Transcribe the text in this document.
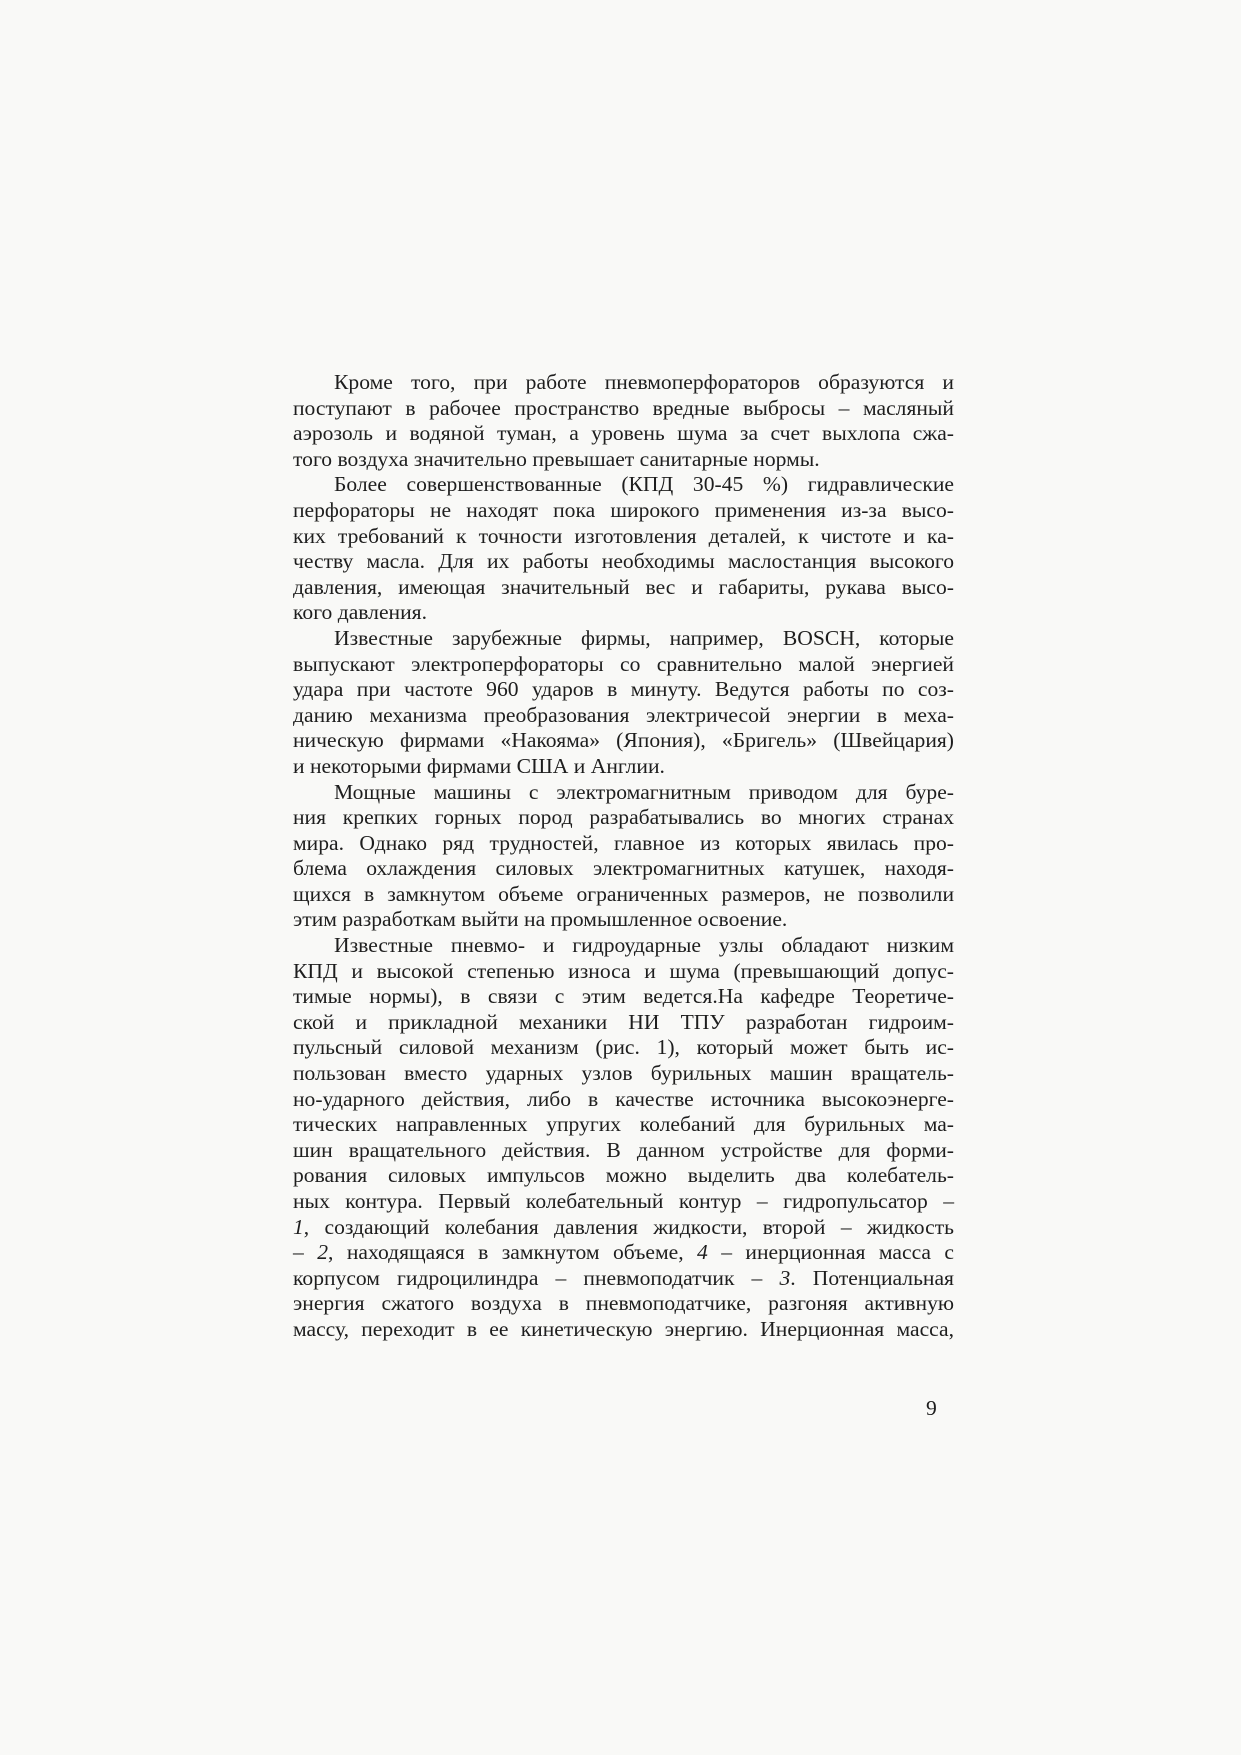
Кроме того, при работе пневмоперфораторов образуются и
поступают в рабочее пространство вредные выбросы – масляный
аэрозоль и водяной туман, а уровень шума за счет выхлопа сжа-
того воздуха значительно превышает санитарные нормы.

Более совершенствованные (КПД 30-45 %) гидравлические
перфораторы не находят пока широкого применения из-за высо-
ких требований к точности изготовления деталей, к чистоте и ка-
честву масла. Для их работы необходимы маслостанция высокого
давления, имеющая значительный вес и габариты, рукава высо-
кого давления.

Известные зарубежные фирмы, например, BOSCH, которые
выпускают электроперфораторы со сравнительно малой энергией
удара при частоте 960 ударов в минуту. Ведутся работы по соз-
данию механизма преобразования электричесой энергии в меха-
ническую фирмами «Накояма» (Япония), «Бригель» (Швейцария)
и некоторыми фирмами США и Англии.

Мощные машины с электромагнитным приводом для буре-
ния крепких горных пород разрабатывались во многих странах
мира. Однако ряд трудностей, главное из которых явилась про-
блема охлаждения силовых электромагнитных катушек, находя-
щихся в замкнутом объеме ограниченных размеров, не позволили
этим разработкам выйти на промышленное освоение.

Известные пневмо- и гидроударные узлы обладают низким
КПД и высокой степенью износа и шума (превышающий допус-
тимые нормы), в связи с этим ведется.На кафедре Теоретиче-
ской и прикладной механики НИ ТПУ разработан гидроим-
пульсный силовой механизм (рис. 1), который может быть ис-
пользован вместо ударных узлов бурильных машин вращатель-
но-ударного действия, либо в качестве источника высокоэнерге-
тических направленных упругих колебаний для бурильных ма-
шин вращательного действия. В данном устройстве для форми-
рования силовых импульсов можно выделить два колебатель-
ных контура. Первый колебательный контур – гидропульсатор –
1, создающий колебания давления жидкости, второй – жидкость
– 2, находящаяся в замкнутом объеме, 4 – инерционная масса с
корпусом гидроцилиндра – пневмоподатчик – 3. Потенциальная
энергия сжатого воздуха в пневмоподатчике, разгоняя активную
массу, переходит в ее кинетическую энергию. Инерционная масса,

9
